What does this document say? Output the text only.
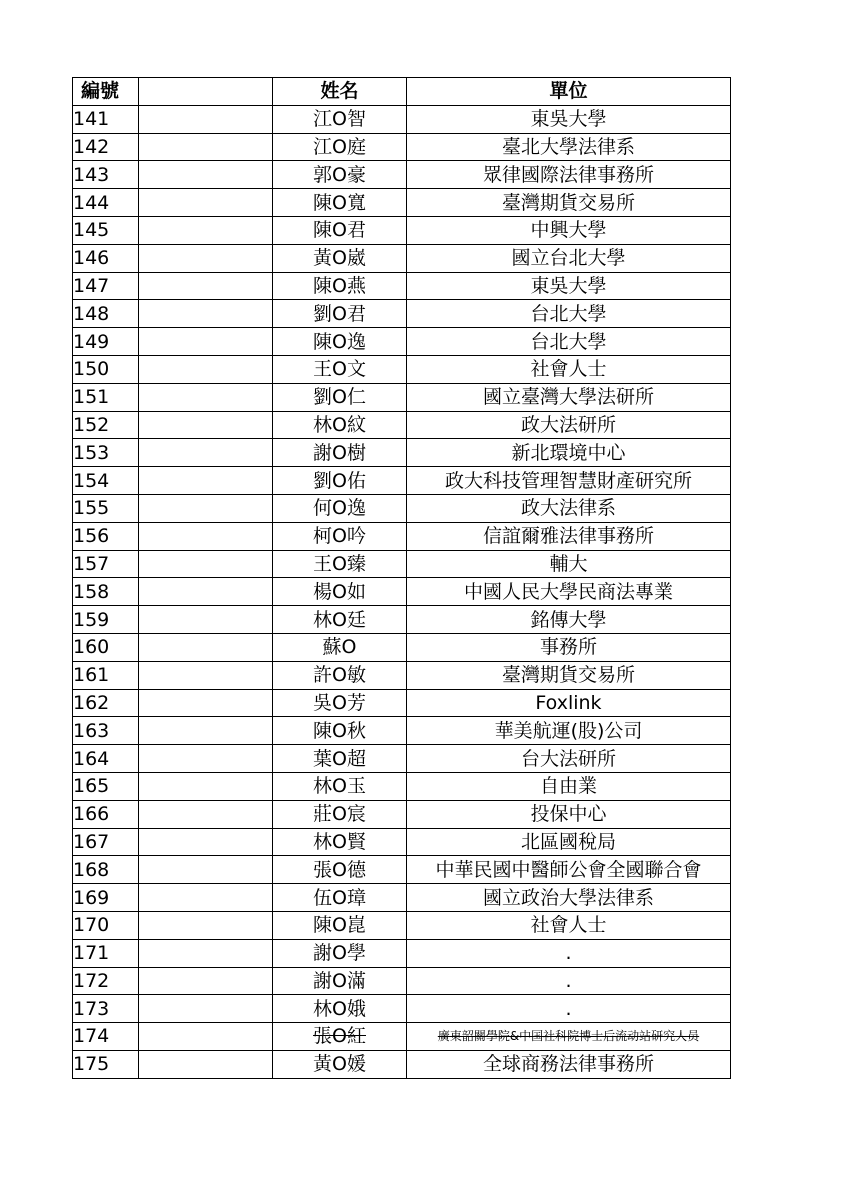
編號		姓名	單位
141		江O智	東吳大學
142		江O庭	臺北大學法律系
143		郭O豪	眾律國際法律事務所
144		陳O寬	臺灣期貨交易所
145		陳O君	中興大學
146		黃O崴	國立台北大學
147		陳O燕	東吳大學
148		劉O君	台北大學
149		陳O逸	台北大學
150		王O文	社會人士
151		劉O仁	國立臺灣大學法研所
152		林O紋	政大法研所
153		謝O樹	新北環境中心
154		劉O佑	政大科技管理智慧財產研究所
155		何O逸	政大法律系
156		柯O吟	信誼爾雅法律事務所
157		王O臻	輔大
158		楊O如	中國人民大學民商法專業
159		林O廷	銘傳大學
160		蘇O	事務所
161		許O敏	臺灣期貨交易所
162		吳O芳	Foxlink
163		陳O秋	華美航運(股)公司
164		葉O超	台大法研所
165		林O玉	自由業
166		莊O宸	投保中心
167		林O賢	北區國稅局
168		張O德	中華民國中醫師公會全國聯合會
169		伍O璋	國立政治大學法律系
170		陳O崑	社會人士
171		謝O學	.
172		謝O滿	.
173		林O娥	.
174		張O紅	廣東韶關學院&中国社科院博士后流动站研究人员
175		黃O媛	全球商務法律事務所
